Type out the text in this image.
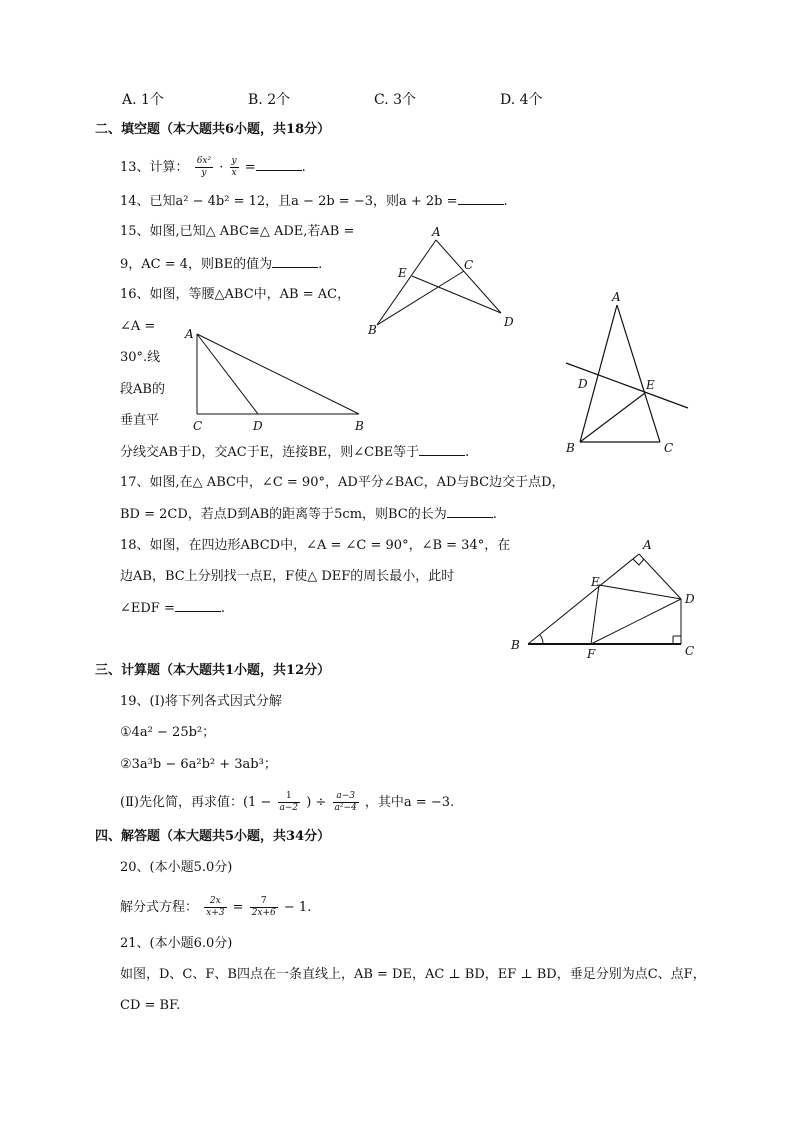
A. 1个	B. 2个	C. 3个	D. 4个
二、填空题（本大题共6小题，共18分）
13、计算： $\frac{\text{6x²}}{y} \cdot \frac{y}{x}$ =	.
14、已知a² − 4b² = 12，且a − 2b = −3，则a + 2b =	.
15、如图,已知△ ABC≅△ ADE,若AB =
9，AC = 4，则BE的值为	.
16、如图，等腰△ABC中，AB = AC，
∠A =
30°.线
段AB的
垂直平
分线交AB于D，交AC于E，连接BE，则∠CBE等于	.
17、如图,在△ ABC中，∠C = 90°，AD平分∠BAC，AD与BC边交于点D，
BD = 2CD，若点D到AB的距离等于5cm，则BC的长为	.
18、如图，在四边形ABCD中，∠A = ∠C = 90°，∠B = 34°，在
边AB，BC上分别找一点E，F使△ DEF的周长最小，此时
∠EDF =	.
三、计算题（本大题共1小题，共12分）
19、(Ⅰ)将下列各式因式分解
①4a² − 25b²；
②3a³b − 6a²b² + 3ab³；
(Ⅱ)先化简，再求值：($1 - \frac{1}{a-2}$ ) ÷ $\frac{a-3}{\text{a²−4}}$ ，其中a = −3.
四、解答题（本大题共5小题，共34分）
20、(本小题5.0分)
解分式方程： $\frac{2x}{x+3} = \frac{7}{2x+6} - 1$.
21、(本小题6.0分)
如图，D、C、F、B四点在一条直线上，AB = DE，AC ⊥ BD，EF ⊥ BD，垂足分别为点C、点F，
CD = BF.
A
E
C
B
D
A
C	D	B
A
D	E
B	C
A
E
D
B
F	C
